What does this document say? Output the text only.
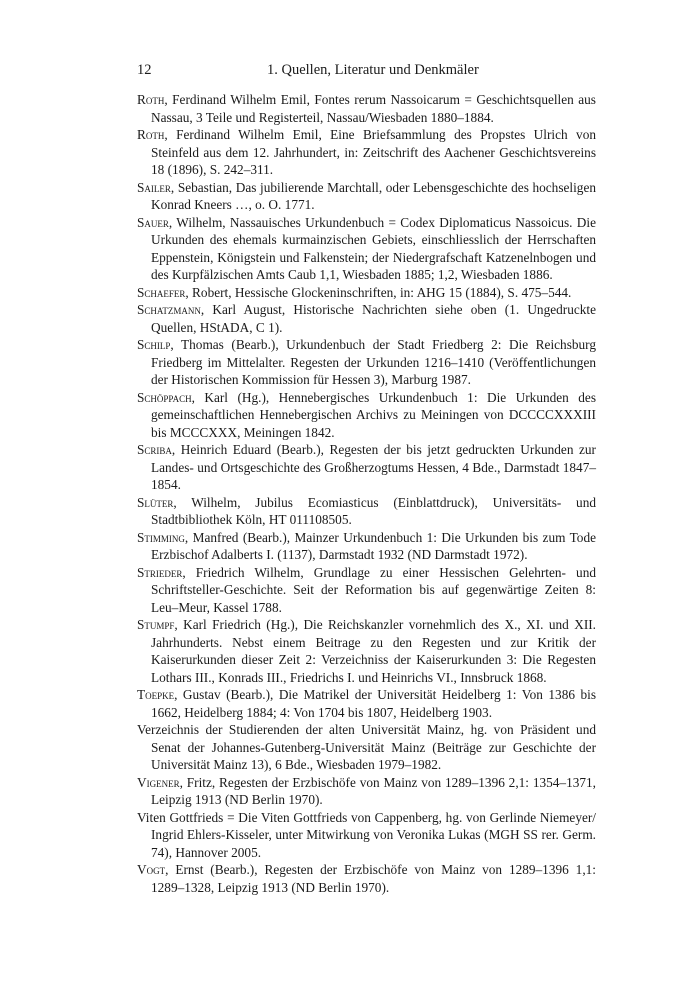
12	1. Quellen, Literatur und Denkmäler

Roth, Ferdinand Wilhelm Emil, Fontes rerum Nassoicarum = Geschichtsquellen aus Nassau, 3 Teile und Registerteil, Nassau/Wiesbaden 1880–1884.

Roth, Ferdinand Wilhelm Emil, Eine Briefsammlung des Propstes Ulrich von Steinfeld aus dem 12. Jahrhundert, in: Zeitschrift des Aachener Geschichtsvereins 18 (1896), S. 242–311.

Sailer, Sebastian, Das jubilierende Marchtall, oder Lebensgeschichte des hochseligen Konrad Kneers …, o. O. 1771.

Sauer, Wilhelm, Nassauisches Urkundenbuch = Codex Diplomaticus Nassoicus. Die Urkunden des ehemals kurmainzischen Gebiets, einschliesslich der Herrschaften Eppenstein, Königstein und Falkenstein; der Niedergrafschaft Katzenelnbogen und des Kurpfälzischen Amts Caub 1,1, Wiesbaden 1885; 1,2, Wiesbaden 1886.

Schaefer, Robert, Hessische Glockeninschriften, in: AHG 15 (1884), S. 475–544.

Schatzmann, Karl August, Historische Nachrichten siehe oben (1. Ungedruckte Quellen, HStADA, C 1).

Schilp, Thomas (Bearb.), Urkundenbuch der Stadt Friedberg 2: Die Reichsburg Friedberg im Mittelalter. Regesten der Urkunden 1216–1410 (Veröffentlichungen der Historischen Kommission für Hessen 3), Marburg 1987.

Schöppach, Karl (Hg.), Hennebergisches Urkundenbuch 1: Die Urkunden des gemeinschaftlichen Hennebergischen Archivs zu Meiningen von DCCCCXXXIII bis MCCCXXX, Meiningen 1842.

Scriba, Heinrich Eduard (Bearb.), Regesten der bis jetzt gedruckten Urkunden zur Landes- und Ortsgeschichte des Großherzogtums Hessen, 4 Bde., Darmstadt 1847–1854.

Slüter, Wilhelm, Jubilus Ecomiasticus (Einblattdruck), Universitäts- und Stadtbibliothek Köln, HT 011108505.

Stimming, Manfred (Bearb.), Mainzer Urkundenbuch 1: Die Urkunden bis zum Tode Erzbischof Adalberts I. (1137), Darmstadt 1932 (ND Darmstadt 1972).

Strieder, Friedrich Wilhelm, Grundlage zu einer Hessischen Gelehrten- und Schriftsteller-Geschichte. Seit der Reformation bis auf gegenwärtige Zeiten 8: Leu–Meur, Kassel 1788.

Stumpf, Karl Friedrich (Hg.), Die Reichskanzler vornehmlich des X., XI. und XII. Jahrhunderts. Nebst einem Beitrage zu den Regesten und zur Kritik der Kaiserurkunden dieser Zeit 2: Verzeichniss der Kaiserurkunden 3: Die Regesten Lothars III., Konrads III., Friedrichs I. und Heinrichs VI., Innsbruck 1868.

Toepke, Gustav (Bearb.), Die Matrikel der Universität Heidelberg 1: Von 1386 bis 1662, Heidelberg 1884; 4: Von 1704 bis 1807, Heidelberg 1903.

Verzeichnis der Studierenden der alten Universität Mainz, hg. von Präsident und Senat der Johannes-Gutenberg-Universität Mainz (Beiträge zur Geschichte der Universität Mainz 13), 6 Bde., Wiesbaden 1979–1982.

Vigener, Fritz, Regesten der Erzbischöfe von Mainz von 1289–1396 2,1: 1354–1371, Leipzig 1913 (ND Berlin 1970).

Viten Gottfrieds = Die Viten Gottfrieds von Cappenberg, hg. von Gerlinde Niemeyer/ Ingrid Ehlers-Kisseler, unter Mitwirkung von Veronika Lukas (MGH SS rer. Germ. 74), Hannover 2005.

Vogt, Ernst (Bearb.), Regesten der Erzbischöfe von Mainz von 1289–1396 1,1: 1289–1328, Leipzig 1913 (ND Berlin 1970).
